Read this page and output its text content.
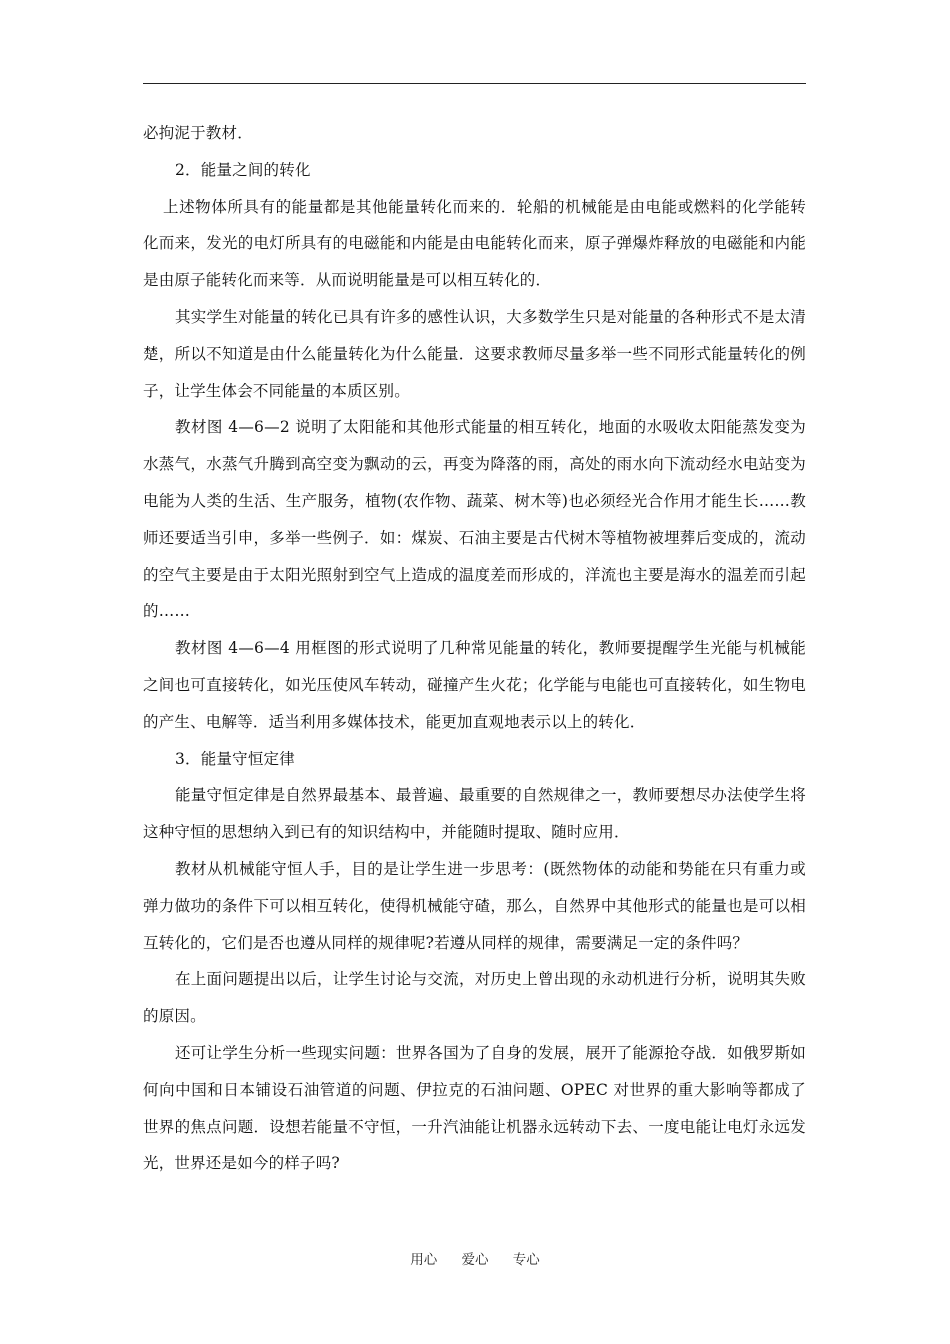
必拘泥于教材．

2．能量之间的转化

上述物体所具有的能量都是其他能量转化而来的．轮船的机械能是由电能或燃料的化学能转化而来，发光的电灯所具有的电磁能和内能是由电能转化而来，原子弹爆炸释放的电磁能和内能是由原子能转化而来等．从而说明能量是可以相互转化的．

其实学生对能量的转化已具有许多的感性认识，大多数学生只是对能量的各种形式不是太清楚，所以不知道是由什么能量转化为什么能量．这要求教师尽量多举一些不同形式能量转化的例子，让学生体会不同能量的本质区别。

教材图 4—6—2 说明了太阳能和其他形式能量的相互转化，地面的水吸收太阳能蒸发变为水蒸气，水蒸气升腾到高空变为飘动的云，再变为降落的雨，高处的雨水向下流动经水电站变为电能为人类的生活、生产服务，植物(农作物、蔬菜、树木等)也必须经光合作用才能生长……教师还要适当引申，多举一些例子．如：煤炭、石油主要是古代树木等植物被埋葬后变成的，流动的空气主要是由于太阳光照射到空气上造成的温度差而形成的，洋流也主要是海水的温差而引起的……

教材图 4—6—4 用框图的形式说明了几种常见能量的转化，教师要提醒学生光能与机械能之间也可直接转化，如光压使风车转动，碰撞产生火花；化学能与电能也可直接转化，如生物电的产生、电解等．适当利用多媒体技术，能更加直观地表示以上的转化．

3．能量守恒定律

能量守恒定律是自然界最基本、最普遍、最重要的自然规律之一，教师要想尽办法使学生将这种守恒的思想纳入到已有的知识结构中，并能随时提取、随时应用．

教材从机械能守恒人手，目的是让学生进一步思考：(既然物体的动能和势能在只有重力或弹力做功的条件下可以相互转化，使得机械能守碴，那么，自然界中其他形式的能量也是可以相互转化的，它们是否也遵从同样的规律呢?若遵从同样的规律，需要满足一定的条件吗？

在上面问题提出以后，让学生讨论与交流，对历史上曾出现的永动机进行分析，说明其失败的原因。

还可让学生分析一些现实问题：世界各国为了自身的发展，展开了能源抢夺战．如俄罗斯如何向中国和日本铺设石油管道的问题、伊拉克的石油问题、OPEC 对世界的重大影响等都成了世界的焦点问题．设想若能量不守恒，一升汽油能让机器永远转动下去、一度电能让电灯永远发光，世界还是如今的样子吗?

用心 爱心 专心
